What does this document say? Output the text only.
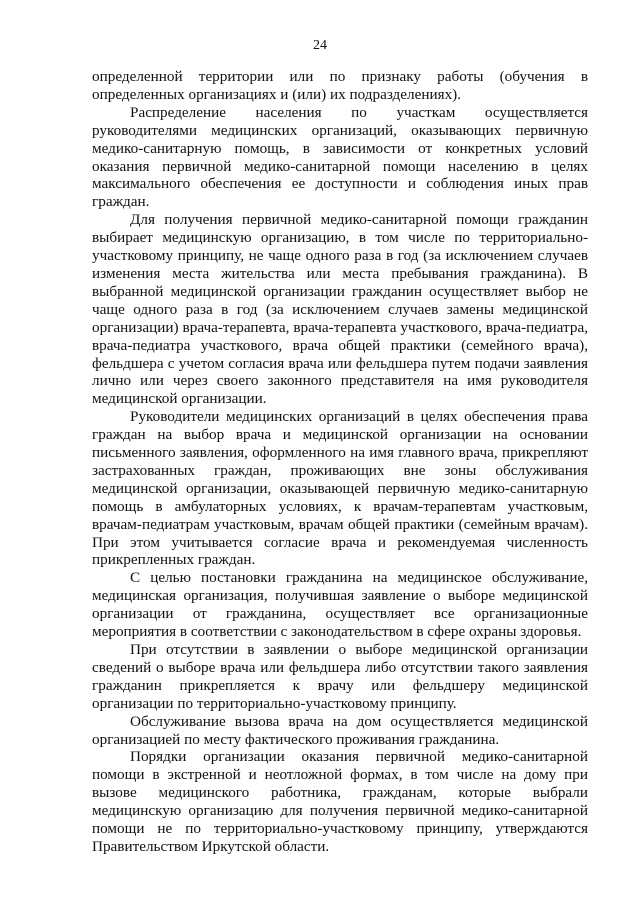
24

определенной территории или по признаку работы (обучения в определенных организациях и (или) их подразделениях).

Распределение населения по участкам осуществляется руководителями медицинских организаций, оказывающих первичную медико-санитарную помощь, в зависимости от конкретных условий оказания первичной медико-санитарной помощи населению в целях максимального обеспечения ее доступности и соблюдения иных прав граждан.

Для получения первичной медико-санитарной помощи гражданин выбирает медицинскую организацию, в том числе по территориально-участковому принципу, не чаще одного раза в год (за исключением случаев изменения места жительства или места пребывания гражданина). В выбранной медицинской организации гражданин осуществляет выбор не чаще одного раза в год (за исключением случаев замены медицинской организации) врача-терапевта, врача-терапевта участкового, врача-педиатра, врача-педиатра участкового, врача общей практики (семейного врача), фельдшера с учетом согласия врача или фельдшера путем подачи заявления лично или через своего законного представителя на имя руководителя медицинской организации.

Руководители медицинских организаций в целях обеспечения права граждан на выбор врача и медицинской организации на основании письменного заявления, оформленного на имя главного врача, прикрепляют застрахованных граждан, проживающих вне зоны обслуживания медицинской организации, оказывающей первичную медико-санитарную помощь в амбулаторных условиях, к врачам-терапевтам участковым, врачам-педиатрам участковым, врачам общей практики (семейным врачам). При этом учитывается согласие врача и рекомендуемая численность прикрепленных граждан.

С целью постановки гражданина на медицинское обслуживание, медицинская организация, получившая заявление о выборе медицинской организации от гражданина, осуществляет все организационные мероприятия в соответствии с законодательством в сфере охраны здоровья.

При отсутствии в заявлении о выборе медицинской организации сведений о выборе врача или фельдшера либо отсутствии такого заявления гражданин прикрепляется к врачу или фельдшеру медицинской организации по территориально-участковому принципу.

Обслуживание вызова врача на дом осуществляется медицинской организацией по месту фактического проживания гражданина.

Порядки организации оказания первичной медико-санитарной помощи в экстренной и неотложной формах, в том числе на дому при вызове медицинского работника, гражданам, которые выбрали медицинскую организацию для получения первичной медико-санитарной помощи не по территориально-участковому принципу, утверждаются Правительством Иркутской области.
